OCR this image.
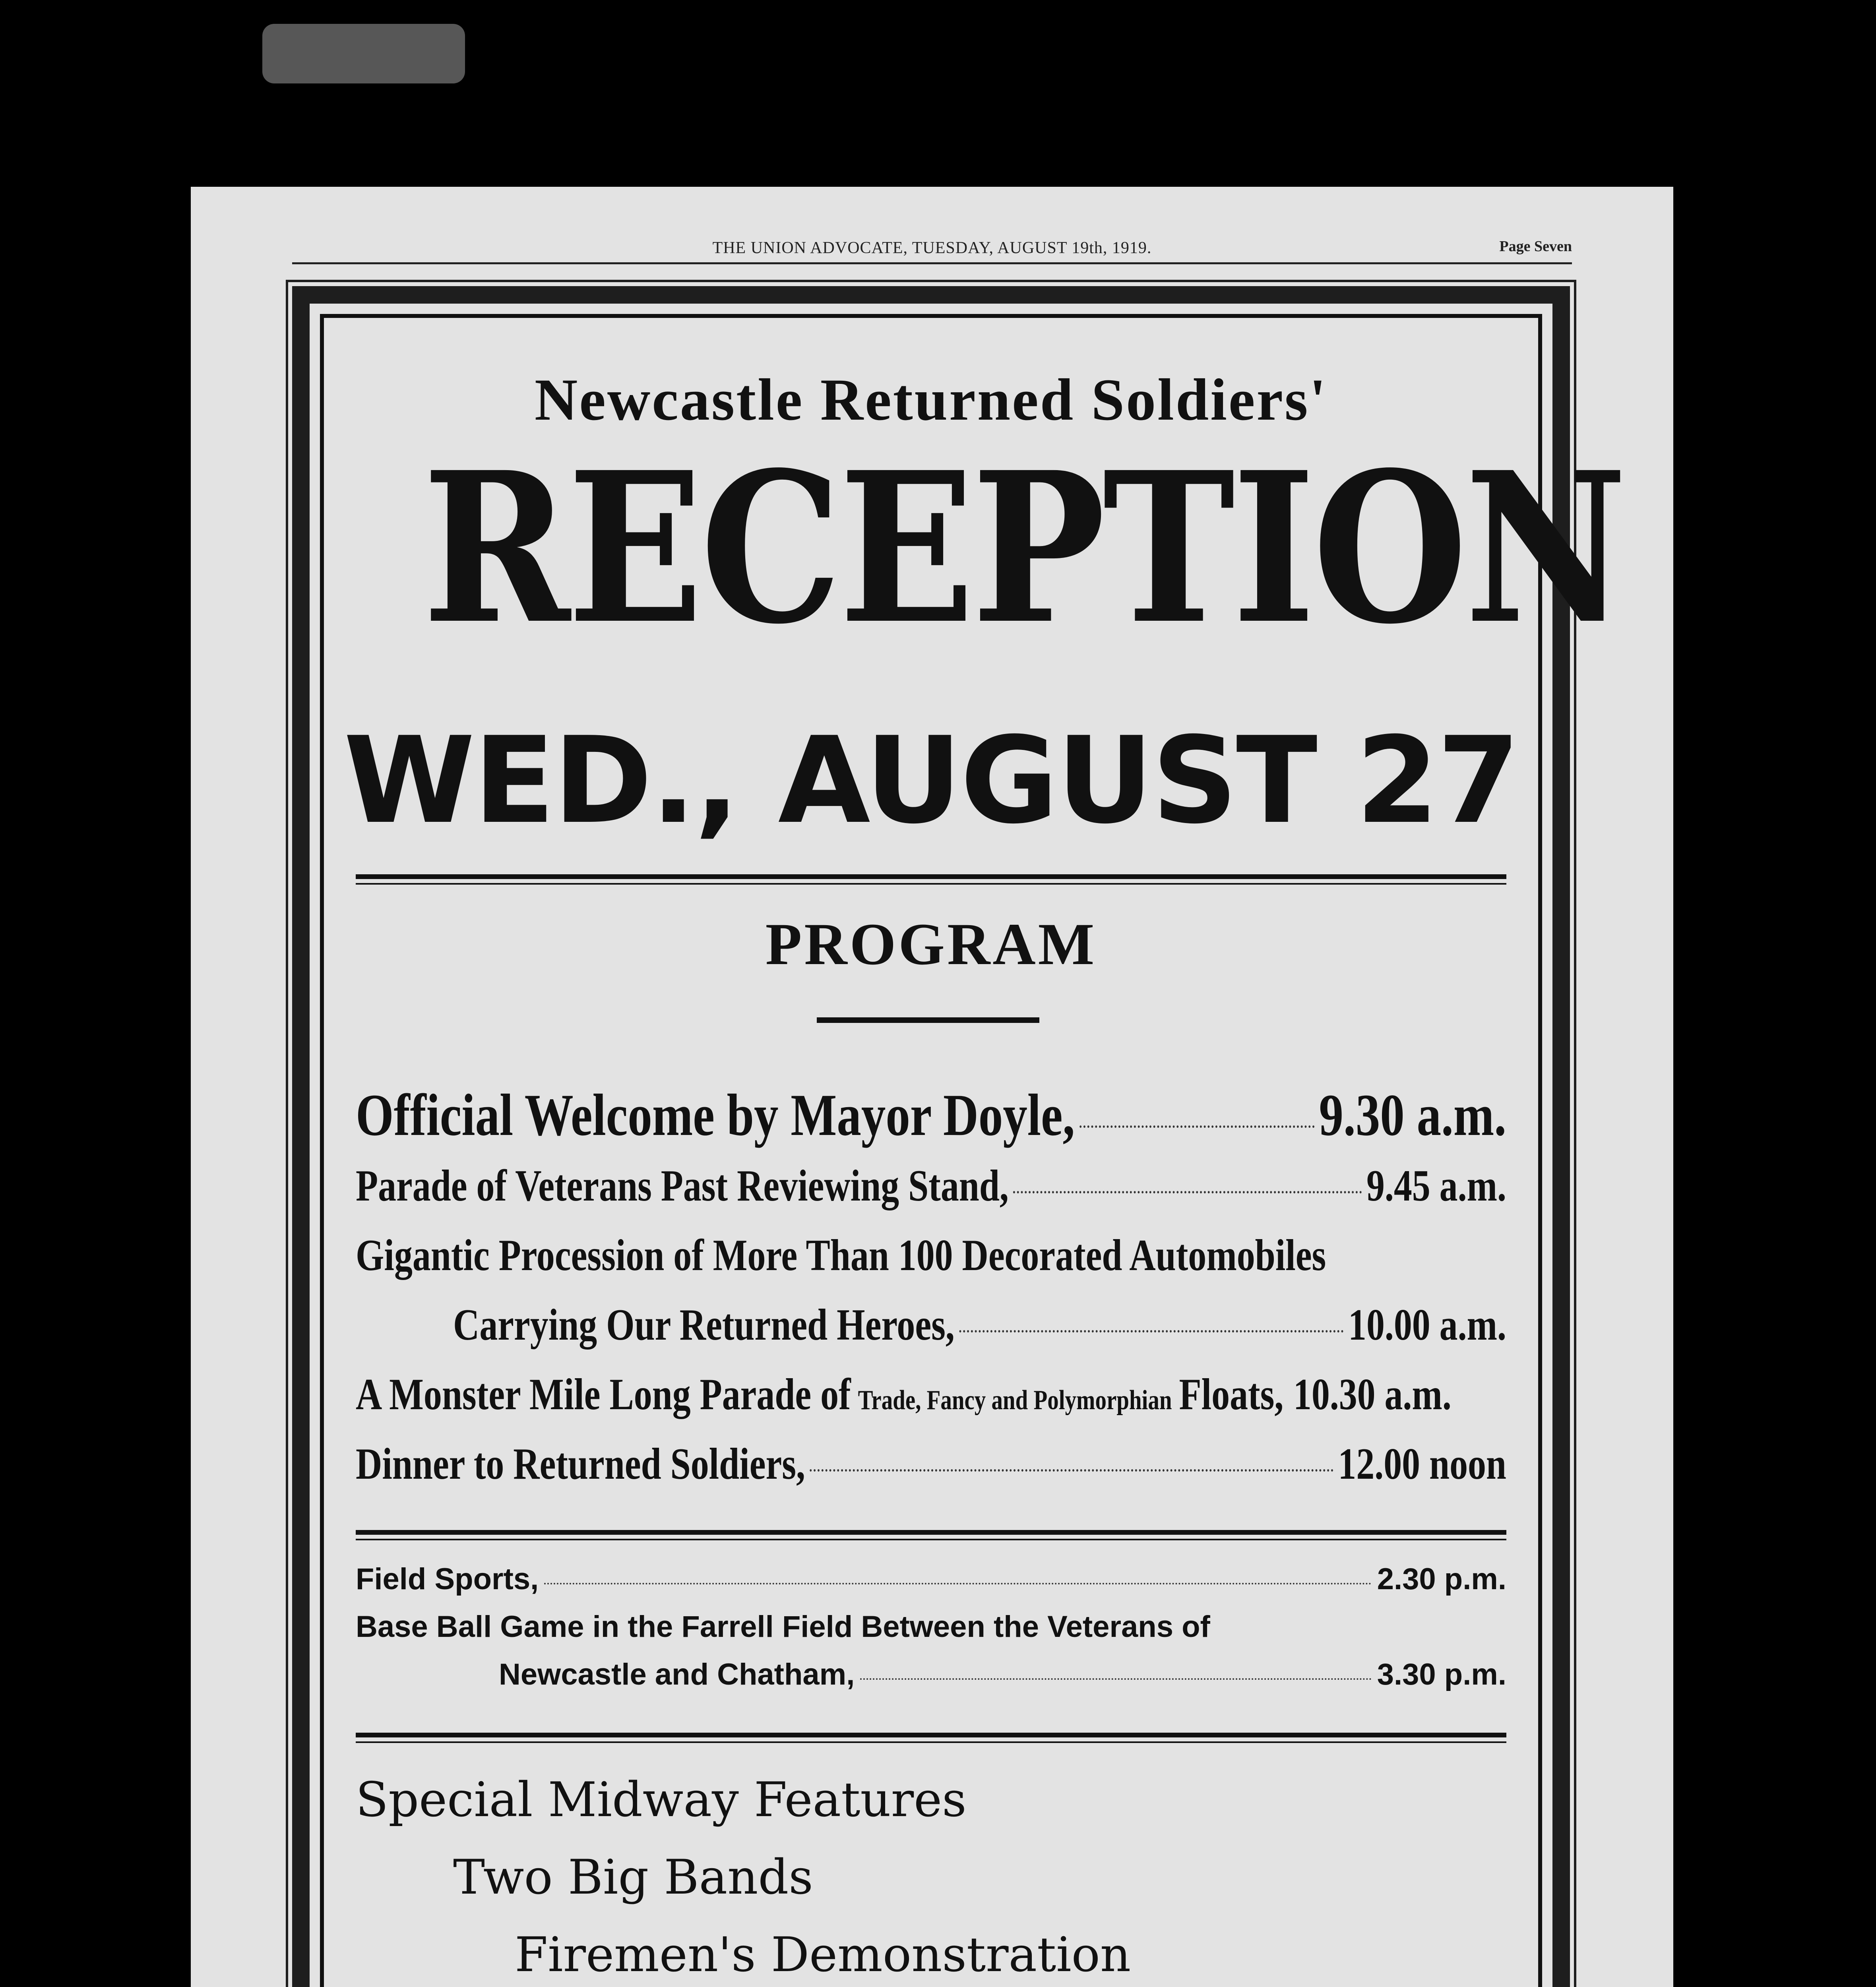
THE UNION ADVOCATE, TUESDAY, AUGUST 19th, 1919.	Page Seven
Newcastle Returned Soldiers'
RECEPTION
WED., AUGUST 27
PROGRAM
Official Welcome by Mayor Doyle,	9.30 a.m.
Parade of Veterans Past Reviewing Stand,	9.45 a.m.
Gigantic Procession of More Than 100 Decorated Automobiles
Carrying Our Returned Heroes,	10.00 a.m.
A Monster Mile Long Parade of Trade, Fancy and Polymorphian Floats, 10.30 a.m.
Dinner to Returned Soldiers,	12.00 noon
Field Sports,	2.30 p.m.
Base Ball Game in the Farrell Field Between the Veterans of
Newcastle and Chatham,	3.30 p.m.
Special Midway Features
Two Big Bands
Firemen's Demonstration
